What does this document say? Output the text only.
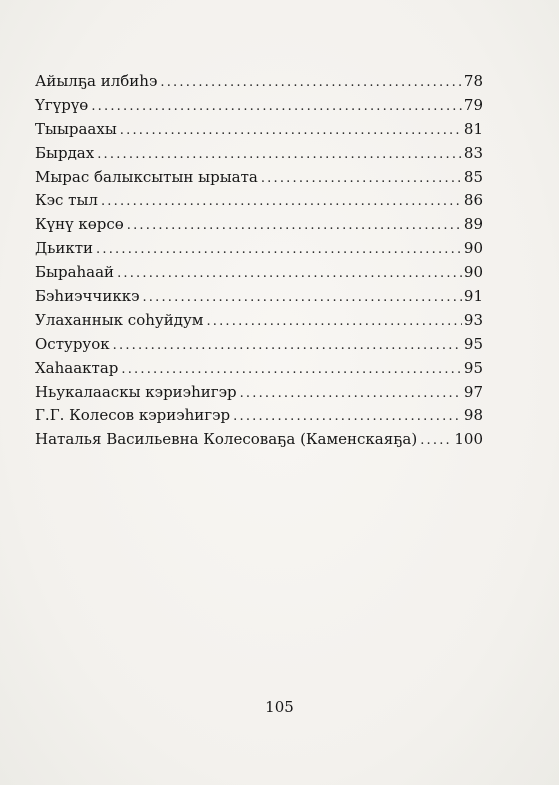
Айылҕа илбиһэ .....	78
Үгүрүө .....	79
Тыыраахы .....	81
Бырдах .....	83
Мырас балыксытын ырыата .....	85
Кэс тыл .....	86
Күнү көрсө .....	89
Дьикти .....	90
Быраһаай .....	90
Бэһиэччиккэ .....	91
Улаханнык соһуйдум .....	93
Остуруок .....	95
Хаһаактар .....	95
Ньукалааскы кэриэһигэр .....	97
Г.Г. Колесов кэриэһигэр .....	98
Наталья Васильевна Колесоваҕа (Каменскаяҕа) ..... 100
105
